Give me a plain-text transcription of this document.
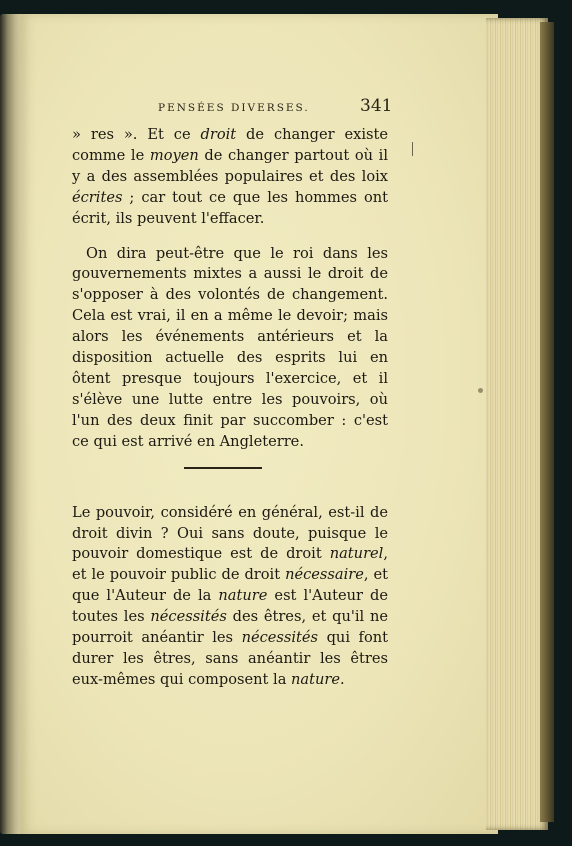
PENSÉES DIVERSES.	341

» res ». Et ce droit de changer existe comme le moyen de changer partout où il y a des assemblées populaires et des loix écrites ; car tout ce que les hommes ont écrit, ils peuvent l'effacer.

On dira peut-être que le roi dans les gouvernements mixtes a aussi le droit de s'opposer à des volontés de changement. Cela est vrai, il en a même le devoir; mais alors les événements antérieurs et la disposition actuelle des esprits lui en ôtent presque toujours l'exercice, et il s'élève une lutte entre les pouvoirs, où l'un des deux finit par succomber : c'est ce qui est arrivé en Angleterre.

Le pouvoir, considéré en général, est-il de droit divin ? Oui sans doute, puisque le pouvoir domestique est de droit naturel, et le pouvoir public de droit nécessaire, et que l'Auteur de la nature est l'Auteur de toutes les nécessités des êtres, et qu'il ne pourroit anéantir les nécessités qui font durer les êtres, sans anéantir les êtres eux-mêmes qui composent la nature.
